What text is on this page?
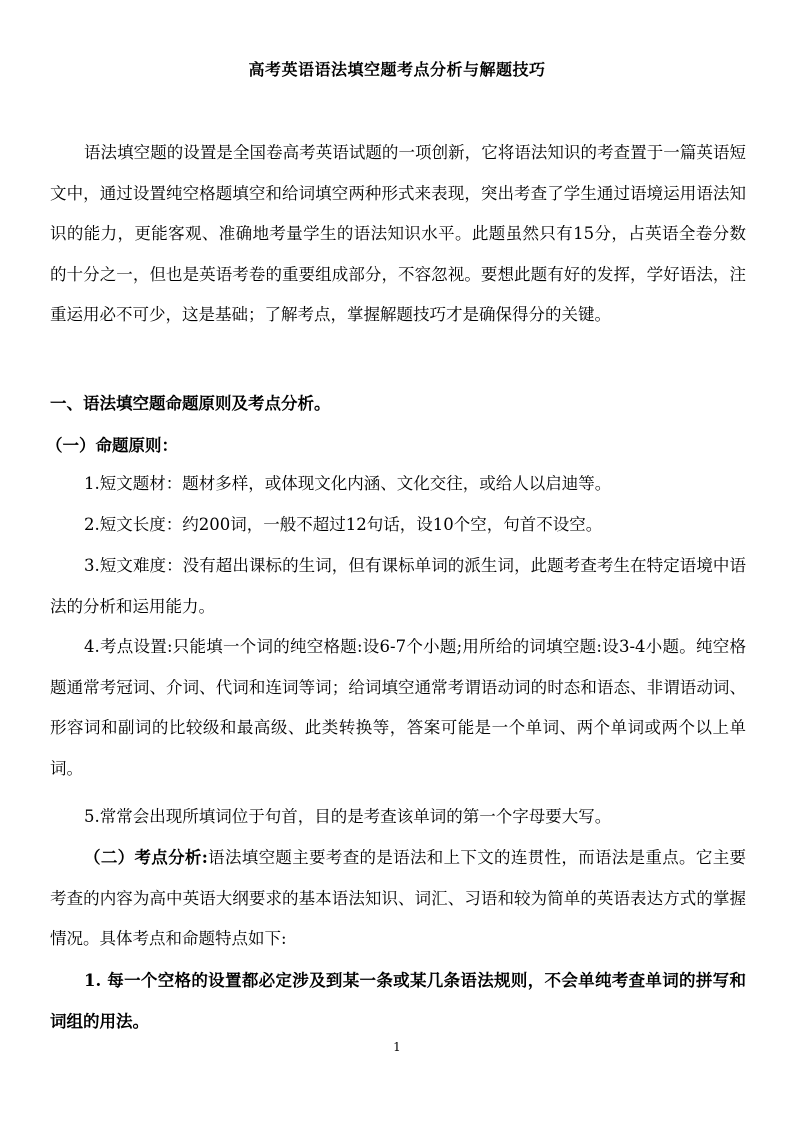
高考英语语法填空题考点分析与解题技巧

语法填空题的设置是全国卷高考英语试题的一项创新，它将语法知识的考查置于一篇英语短文中，通过设置纯空格题填空和给词填空两种形式来表现，突出考查了学生通过语境运用语法知识的能力，更能客观、准确地考量学生的语法知识水平。此题虽然只有15分，占英语全卷分数的十分之一，但也是英语考卷的重要组成部分，不容忽视。要想此题有好的发挥，学好语法，注重运用必不可少，这是基础；了解考点，掌握解题技巧才是确保得分的关键。

一、语法填空题命题原则及考点分析。

（一）命题原则：

1.短文题材：题材多样，或体现文化内涵、文化交往，或给人以启迪等。

2.短文长度：约200词，一般不超过12句话，设10个空，句首不设空。

3.短文难度：没有超出课标的生词，但有课标单词的派生词，此题考查考生在特定语境中语法的分析和运用能力。

4.考点设置:只能填一个词的纯空格题:设6-7个小题;用所给的词填空题:设3-4小题。纯空格题通常考冠词、介词、代词和连词等词；给词填空通常考谓语动词的时态和语态、非谓语动词、形容词和副词的比较级和最高级、此类转换等，答案可能是一个单词、两个单词或两个以上单词。

5.常常会出现所填词位于句首，目的是考查该单词的第一个字母要大写。

（二）考点分析:语法填空题主要考查的是语法和上下文的连贯性，而语法是重点。它主要考查的内容为高中英语大纲要求的基本语法知识、词汇、习语和较为简单的英语表达方式的掌握情况。具体考点和命题特点如下:

1. 每一个空格的设置都必定涉及到某一条或某几条语法规则，不会单纯考查单词的拼写和词组的用法。

1
